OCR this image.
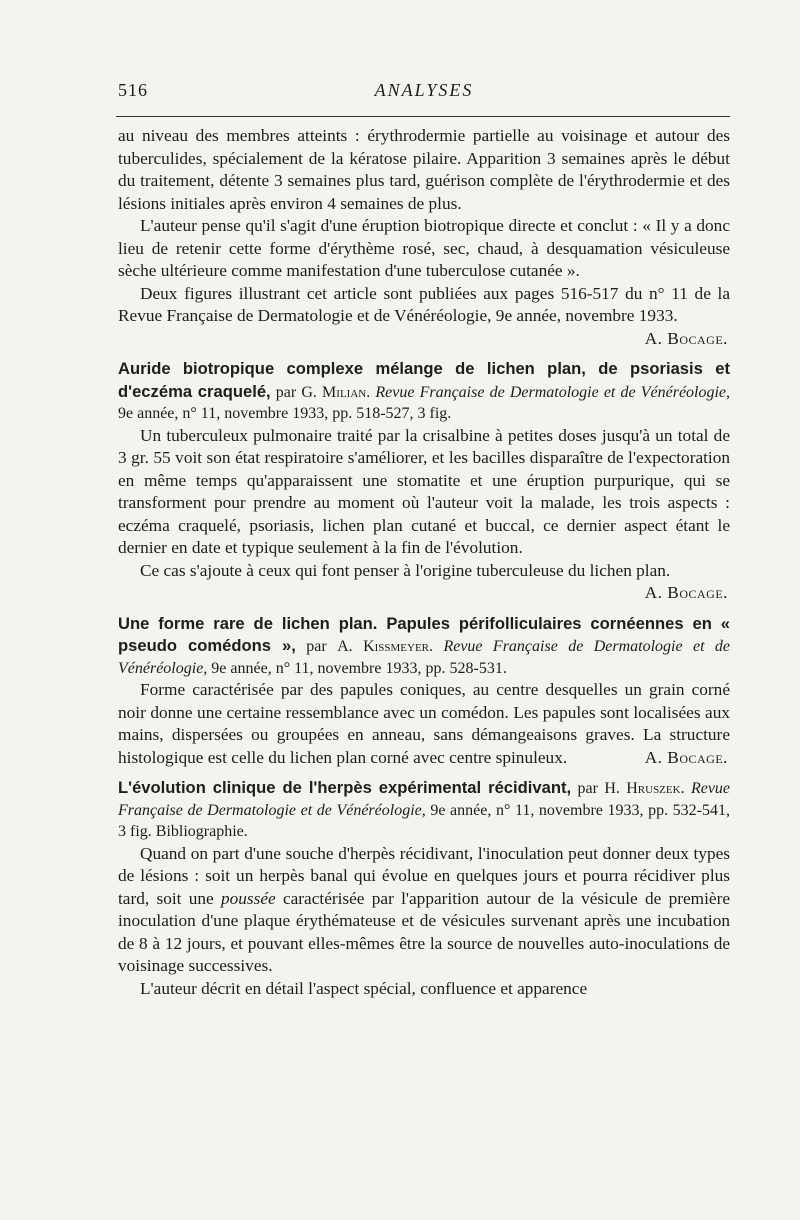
516	ANALYSES

au niveau des membres atteints : érythrodermie partielle au voisinage et autour des tuberculides, spécialement de la kératose pilaire. Apparition 3 semaines après le début du traitement, détente 3 semaines plus tard, guérison complète de l'érythrodermie et des lésions initiales après environ 4 semaines de plus.

L'auteur pense qu'il s'agit d'une éruption biotropique directe et conclut : « Il y a donc lieu de retenir cette forme d'érythème rosé, sec, chaud, à desquamation vésiculeuse sèche ultérieure comme manifestation d'une tuberculose cutanée ».

Deux figures illustrant cet article sont publiées aux pages 516-517 du n° 11 de la Revue Française de Dermatologie et de Vénéréologie, 9e année, novembre 1933.
A. Bocage.

Auride biotropique complexe mélange de lichen plan, de psoriasis et d'eczéma craquelé, par G. Milian. Revue Française de Dermatologie et de Vénéréologie, 9e année, n° 11, novembre 1933, pp. 518-527, 3 fig.

Un tuberculeux pulmonaire traité par la crisalbine à petites doses jusqu'à un total de 3 gr. 55 voit son état respiratoire s'améliorer, et les bacilles disparaître de l'expectoration en même temps qu'apparaissent une stomatite et une éruption purpurique, qui se transforment pour prendre au moment où l'auteur voit la malade, les trois aspects : eczéma craquelé, psoriasis, lichen plan cutané et buccal, ce dernier aspect étant le dernier en date et typique seulement à la fin de l'évolution.

Ce cas s'ajoute à ceux qui font penser à l'origine tuberculeuse du lichen plan.
A. Bocage.

Une forme rare de lichen plan. Papules périfolliculaires cornéennes en « pseudo comédons », par A. Kissmeyer. Revue Française de Dermatologie et de Vénéréologie, 9e année, n° 11, novembre 1933, pp. 528-531.

Forme caractérisée par des papules coniques, au centre desquelles un grain corné noir donne une certaine ressemblance avec un comédon. Les papules sont localisées aux mains, dispersées ou groupées en anneau, sans démangeaisons graves. La structure histologique est celle du lichen plan corné avec centre spinuleux.	A. Bocage.

L'évolution clinique de l'herpès expérimental récidivant, par H. Hruszek. Revue Française de Dermatologie et de Vénéréologie, 9e année, n° 11, novembre 1933, pp. 532-541, 3 fig. Bibliographie.

Quand on part d'une souche d'herpès récidivant, l'inoculation peut donner deux types de lésions : soit un herpès banal qui évolue en quelques jours et pourra récidiver plus tard, soit une poussée caractérisée par l'apparition autour de la vésicule de première inoculation d'une plaque érythémateuse et de vésicules survenant après une incubation de 8 à 12 jours, et pouvant elles-mêmes être la source de nouvelles auto-inoculations de voisinage successives.

L'auteur décrit en détail l'aspect spécial, confluence et apparence
